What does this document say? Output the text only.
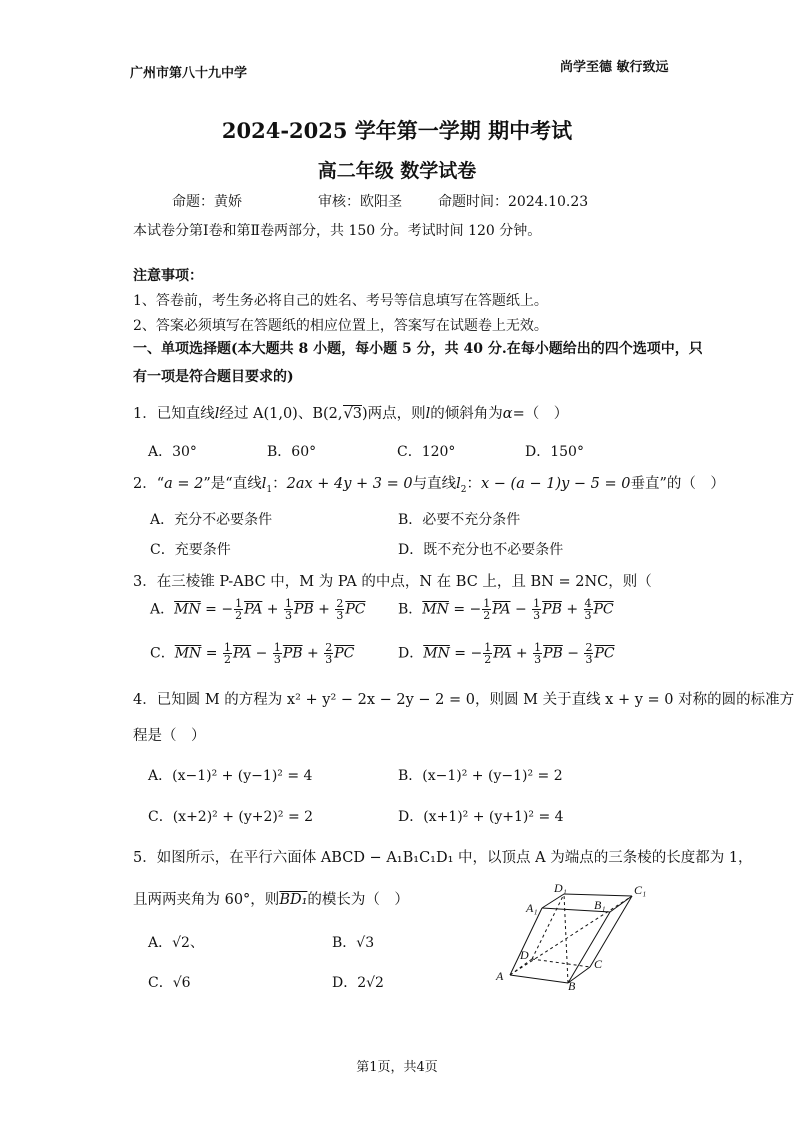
广州市第八十九中学	尚学至德 敏行致远
2024-2025 学年第一学期 期中考试
高二年级 数学试卷
命题：黄娇	审核：欧阳圣	命题时间：2024.10.23
本试卷分第Ⅰ卷和第Ⅱ卷两部分，共 150 分。考试时间 120 分钟。
注意事项：
1、答卷前，考生务必将自己的姓名、考号等信息填写在答题纸上。
2、答案必须填写在答题纸的相应位置上，答案写在试题卷上无效。
一、单项选择题(本大题共 8 小题，每小题 5 分，共 40 分.在每小题给出的四个选项中，只
有一项是符合题目要求的)
1．已知直线l经过 A(1,0)、B(2,√3)两点，则l的倾斜角为α=（　）
A．30°	B．60°	C．120°	D．150°
2．“a = 2”是“直线$l_1$：2ax + 4y + 3 = 0与直线$l_2$：x − (a − 1)y − 5 = 0垂直”的（　）
A．充分不必要条件	B．必要不充分条件
C．充要条件	D．既不充分也不必要条件
3．在三棱锥 P-ABC 中，M 为 PA 的中点，N 在 BC 上，且 BN = 2NC，则（
A．$\overline{MN}$ = − $\frac{1}{2} \overline{PA} + \frac{1}{3} \overline{PB} + \frac{2}{3} \overline{PC}$ B．$\overline{MN}$ = − $\frac{1}{2} \overline{PA} - \frac{1}{3} \overline{PB} + \frac{4}{3} \overline{PC}$
C．$\overline{MN} = \frac{1}{2} \overline{PA} - \frac{1}{3} \overline{PB} + \frac{2}{3} \overline{PC}$	D．$\overline{MN}$ = − $\frac{1}{2} \overline{PA} + \frac{1}{3} \overline{PB} - \frac{2}{3} \overline{PC}$
4．已知圆 M 的方程为 x² + y² − 2x − 2y − 2 = 0，则圆 M 关于直线 x + y = 0 对称的圆的标准方
程是（　）
A．(x−1)² + (y−1)² = 4	B．(x−1)² + (y−1)² = 2
C．(x+2)² + (y+2)² = 2	D．(x+1)² + (y+1)² = 4
5．如图所示，在平行六面体 ABCD − A₁B₁C₁D₁ 中，以顶点 A 为端点的三条棱的长度都为 1，
且两两夹角为 60°，则BD₁的模长为（　）
A．√2、	B．√3
C．√6	D．2√2
D₁	C₁
A₁	B₁
D
C
A
B
第1页，共4页
